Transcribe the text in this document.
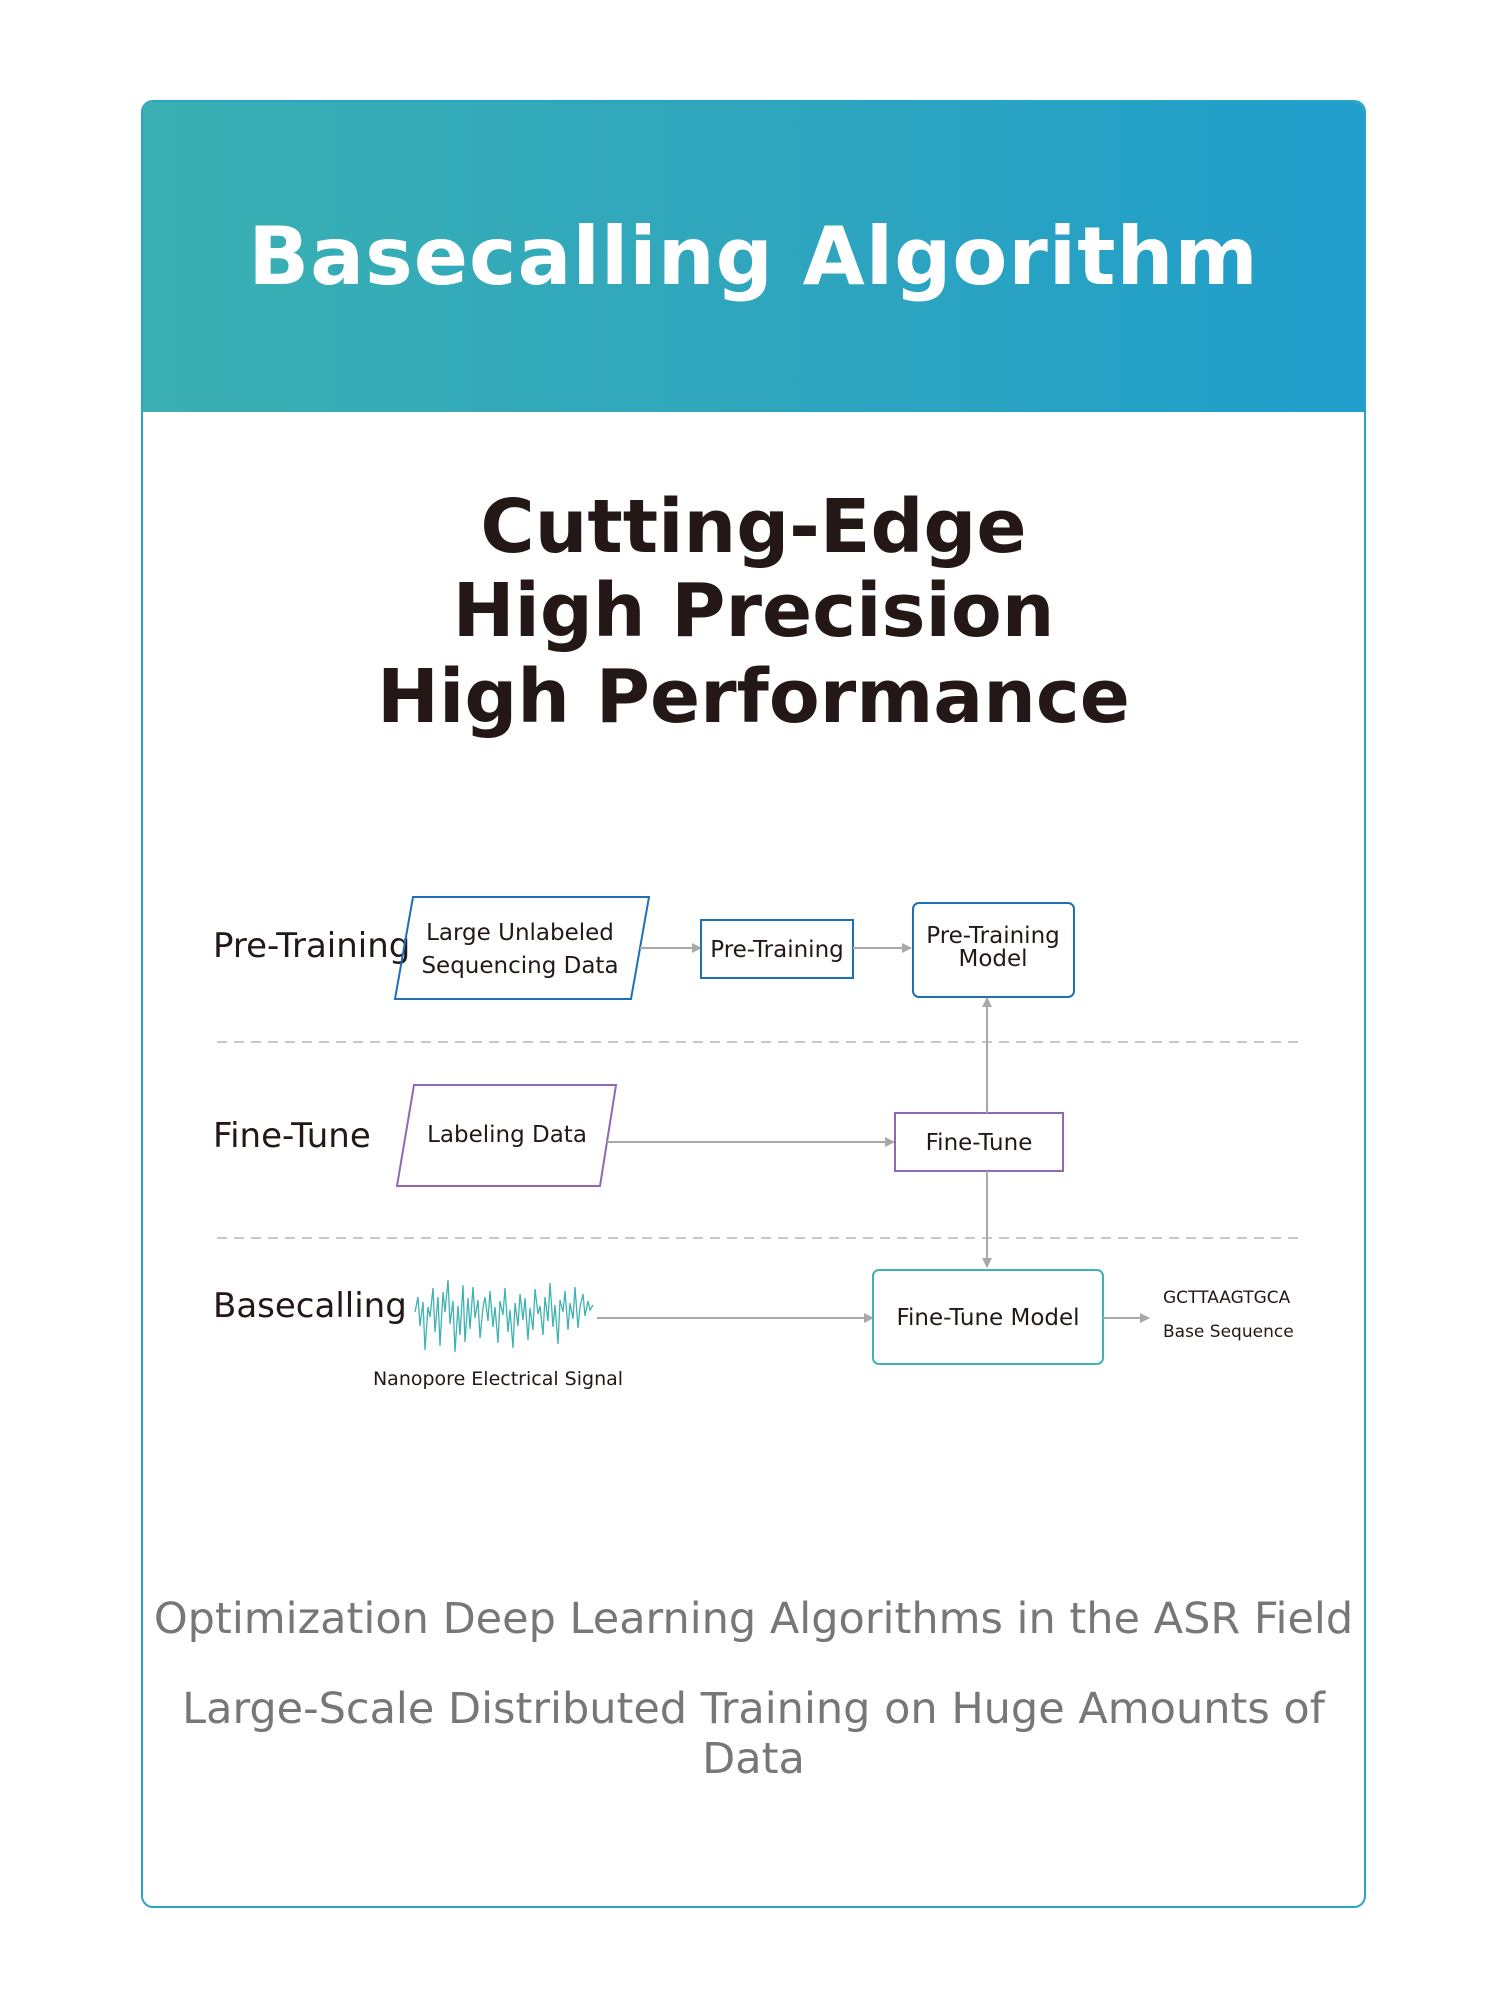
Basecalling Algorithm
Cutting-Edge
High Precision
High Performance
Pre-Training
Fine-Tune
Basecalling
Large Unlabeled
Sequencing Data
Pre-Training
Pre-Training
Model
Labeling Data	Fine-Tune
Nanopore Electrical Signal
Fine-Tune Model
GCTTAAGTGCA
Base Sequence
Optimization Deep Learning Algorithms in the ASR Field
Large-Scale Distributed Training on Huge Amounts of Data
